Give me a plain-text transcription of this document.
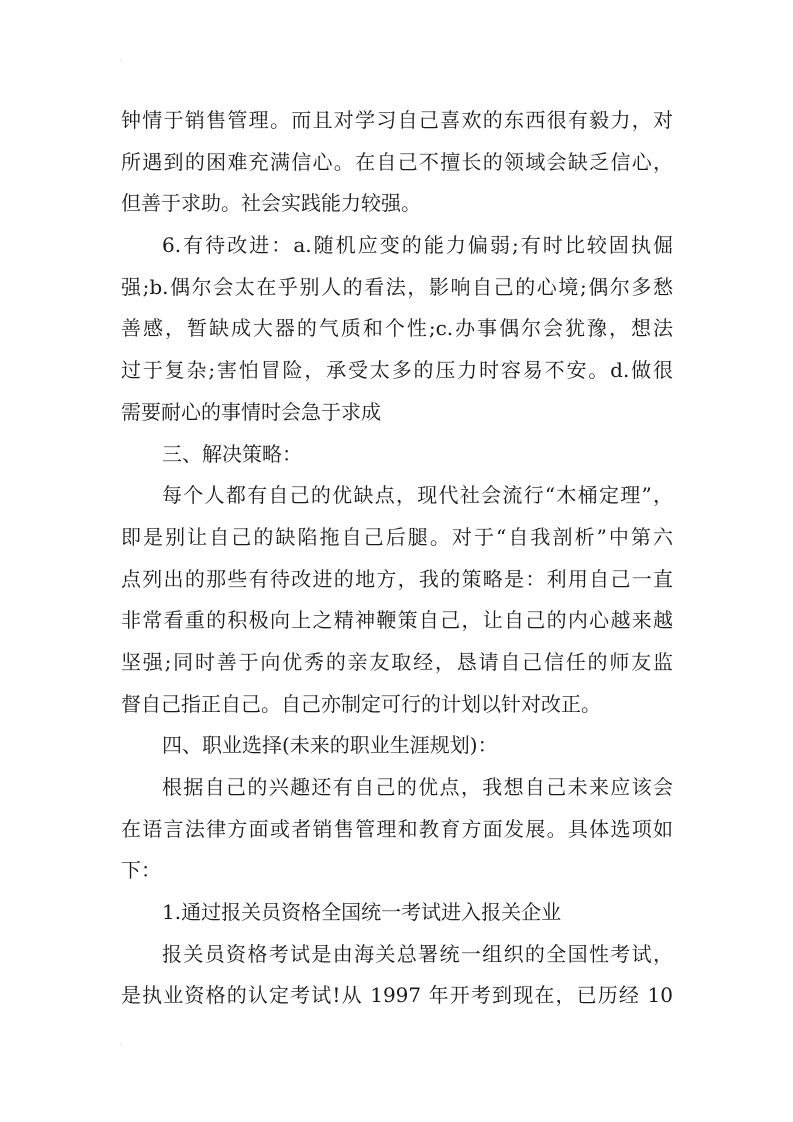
钟情于销售管理。而且对学习自己喜欢的东西很有毅力，对
所遇到的困难充满信心。在自己不擅长的领域会缺乏信心，
但善于求助。社会实践能力较强。
6.有待改进：a.随机应变的能力偏弱;有时比较固执倔
强;b.偶尔会太在乎别人的看法，影响自己的心境;偶尔多愁
善感，暂缺成大器的气质和个性;c.办事偶尔会犹豫，想法
过于复杂;害怕冒险，承受太多的压力时容易不安。d.做很
需要耐心的事情时会急于求成
三、解决策略：
每个人都有自己的优缺点，现代社会流行“木桶定理”，
即是别让自己的缺陷拖自己后腿。对于“自我剖析”中第六
点列出的那些有待改进的地方，我的策略是：利用自己一直
非常看重的积极向上之精神鞭策自己，让自己的内心越来越
坚强;同时善于向优秀的亲友取经，恳请自己信任的师友监
督自己指正自己。自己亦制定可行的计划以针对改正。
四、职业选择(未来的职业生涯规划)：
根据自己的兴趣还有自己的优点，我想自己未来应该会
在语言法律方面或者销售管理和教育方面发展。具体选项如
下：
1.通过报关员资格全国统一考试进入报关企业
报关员资格考试是由海关总署统一组织的全国性考试，
是执业资格的认定考试!从 1997 年开考到现在，已历经 10
